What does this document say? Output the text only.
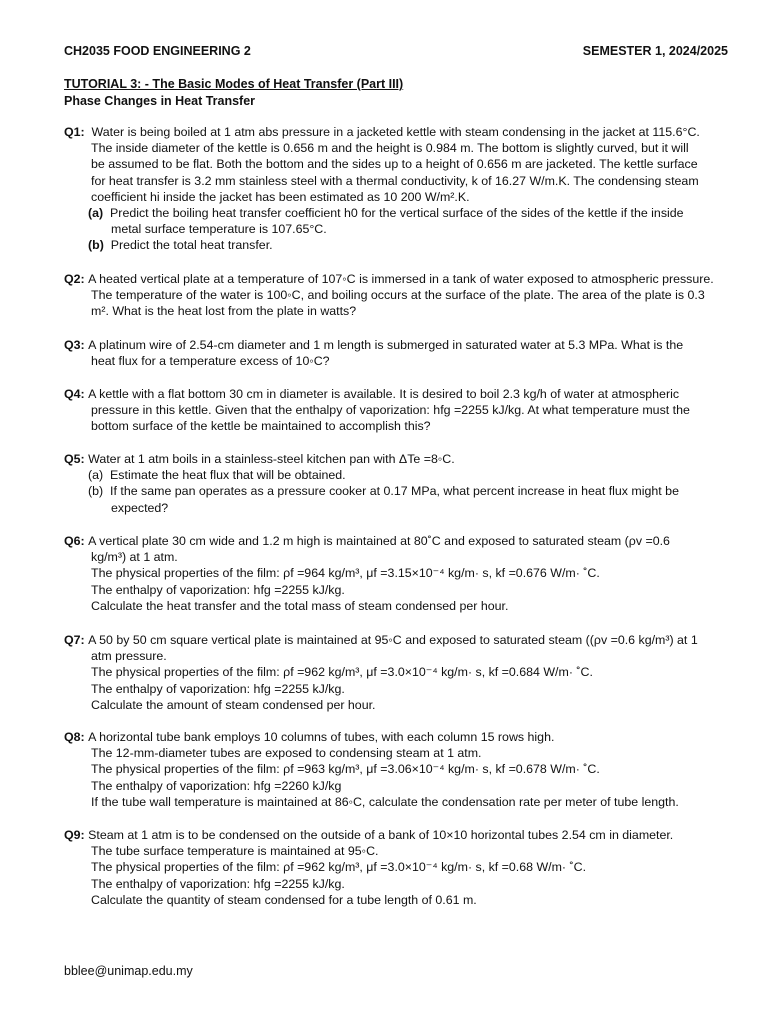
CH2035 FOOD ENGINEERING 2	SEMESTER 1, 2024/2025
TUTORIAL 3: - The Basic Modes of Heat Transfer (Part III)
Phase Changes in Heat Transfer
Q1: Water is being boiled at 1 atm abs pressure in a jacketed kettle with steam condensing in the jacket at 115.6°C.
The inside diameter of the kettle is 0.656 m and the height is 0.984 m. The bottom is slightly curved, but it will
be assumed to be flat. Both the bottom and the sides up to a height of 0.656 m are jacketed. The kettle surface
for heat transfer is 3.2 mm stainless steel with a thermal conductivity, k of 16.27 W/m.K. The condensing steam
coefficient hi inside the jacket has been estimated as 10 200 W/m².K.
(a) Predict the boiling heat transfer coefficient h0 for the vertical surface of the sides of the kettle if the inside
metal surface temperature is 107.65°C.
(b) Predict the total heat transfer.
Q2: A heated vertical plate at a temperature of 107◦C is immersed in a tank of water exposed to atmospheric pressure.
The temperature of the water is 100◦C, and boiling occurs at the surface of the plate. The area of the plate is 0.3
m². What is the heat lost from the plate in watts?
Q3: A platinum wire of 2.54-cm diameter and 1 m length is submerged in saturated water at 5.3 MPa. What is the
heat flux for a temperature excess of 10◦C?
Q4: A kettle with a flat bottom 30 cm in diameter is available. It is desired to boil 2.3 kg/h of water at atmospheric
pressure in this kettle. Given that the enthalpy of vaporization: hfg =2255 kJ/kg. At what temperature must the
bottom surface of the kettle be maintained to accomplish this?
Q5: Water at 1 atm boils in a stainless-steel kitchen pan with ΔTe =8◦C.
(a) Estimate the heat flux that will be obtained.
(b) If the same pan operates as a pressure cooker at 0.17 MPa, what percent increase in heat flux might be
expected?
Q6: A vertical plate 30 cm wide and 1.2 m high is maintained at 80˚C and exposed to saturated steam (ρv =0.6
kg/m³) at 1 atm.
The physical properties of the film: ρf =964 kg/m³, μf =3.15×10⁻⁴ kg/m· s, kf =0.676 W/m· ˚C.
The enthalpy of vaporization: hfg =2255 kJ/kg.
Calculate the heat transfer and the total mass of steam condensed per hour.
Q7: A 50 by 50 cm square vertical plate is maintained at 95◦C and exposed to saturated steam ((ρv =0.6 kg/m³) at 1
atm pressure.
The physical properties of the film: ρf =962 kg/m³, μf =3.0×10⁻⁴ kg/m· s, kf =0.684 W/m· ˚C.
The enthalpy of vaporization: hfg =2255 kJ/kg.
Calculate the amount of steam condensed per hour.
Q8: A horizontal tube bank employs 10 columns of tubes, with each column 15 rows high.
The 12-mm-diameter tubes are exposed to condensing steam at 1 atm.
The physical properties of the film: ρf =963 kg/m³, μf =3.06×10⁻⁴ kg/m· s, kf =0.678 W/m· ˚C.
The enthalpy of vaporization: hfg =2260 kJ/kg
If the tube wall temperature is maintained at 86◦C, calculate the condensation rate per meter of tube length.
Q9: Steam at 1 atm is to be condensed on the outside of a bank of 10×10 horizontal tubes 2.54 cm in diameter.
The tube surface temperature is maintained at 95◦C.
The physical properties of the film: ρf =962 kg/m³, μf =3.0×10⁻⁴ kg/m· s, kf =0.68 W/m· ˚C.
The enthalpy of vaporization: hfg =2255 kJ/kg.
Calculate the quantity of steam condensed for a tube length of 0.61 m.
bblee@unimap.edu.my
